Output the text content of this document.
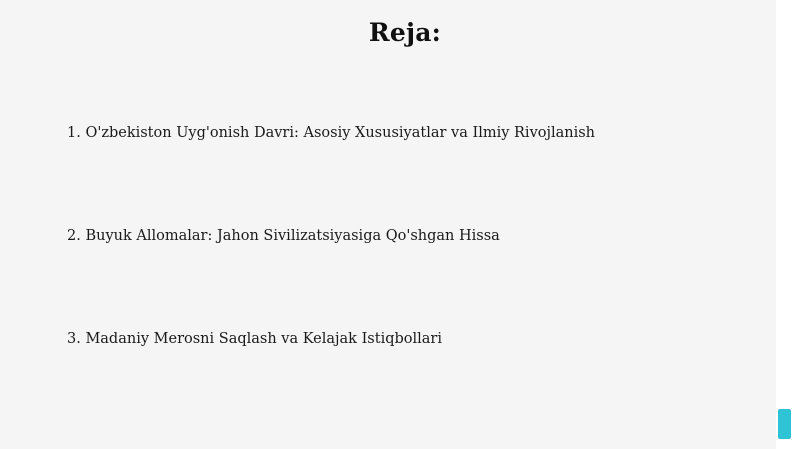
Reja:
1. O'zbekiston Uyg'onish Davri: Asosiy Xususiyatlar va Ilmiy Rivojlanish
2. Buyuk Allomalar: Jahon Sivilizatsiyasiga Qo'shgan Hissa
3. Madaniy Merosni Saqlash va Kelajak Istiqbollari
